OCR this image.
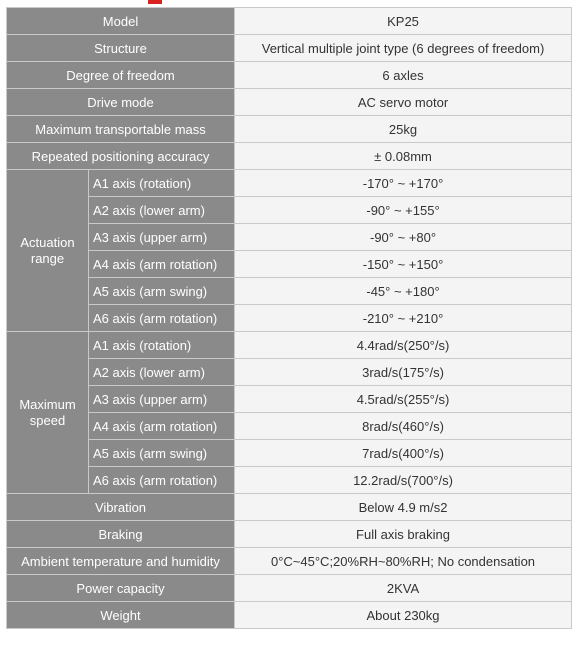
Model		KP25
Structure		Vertical multiple joint type (6 degrees of freedom)
Degree of freedom		6 axles
Drive mode		AC servo motor
Maximum transportable mass		25kg
Repeated positioning accuracy		± 0.08mm

Actuation
range	A1 axis (rotation)	-170° ~ +170°
	A2 axis (lower arm)	-90° ~ +155°
	A3 axis (upper arm)	-90° ~ +80°
	A4 axis (arm rotation)	-150° ~ +150°
	A5 axis (arm swing)	-45° ~ +180°
	A6 axis (arm rotation)	-210° ~ +210°

Maximum
speed	A1 axis (rotation)	4.4rad/s(250°/s)
	A2 axis (lower arm)	3rad/s(175°/s)
	A3 axis (upper arm)	4.5rad/s(255°/s)
	A4 axis (arm rotation)	8rad/s(460°/s)
	A5 axis (arm swing)	7rad/s(400°/s)
	A6 axis (arm rotation)	12.2rad/s(700°/s)
Vibration		Below 4.9 m/s2
Braking		Full axis braking
Ambient temperature and humidity		0°C~45°C;20%RH~80%RH; No condensation
Power capacity		2KVA
Weight		About 230kg
